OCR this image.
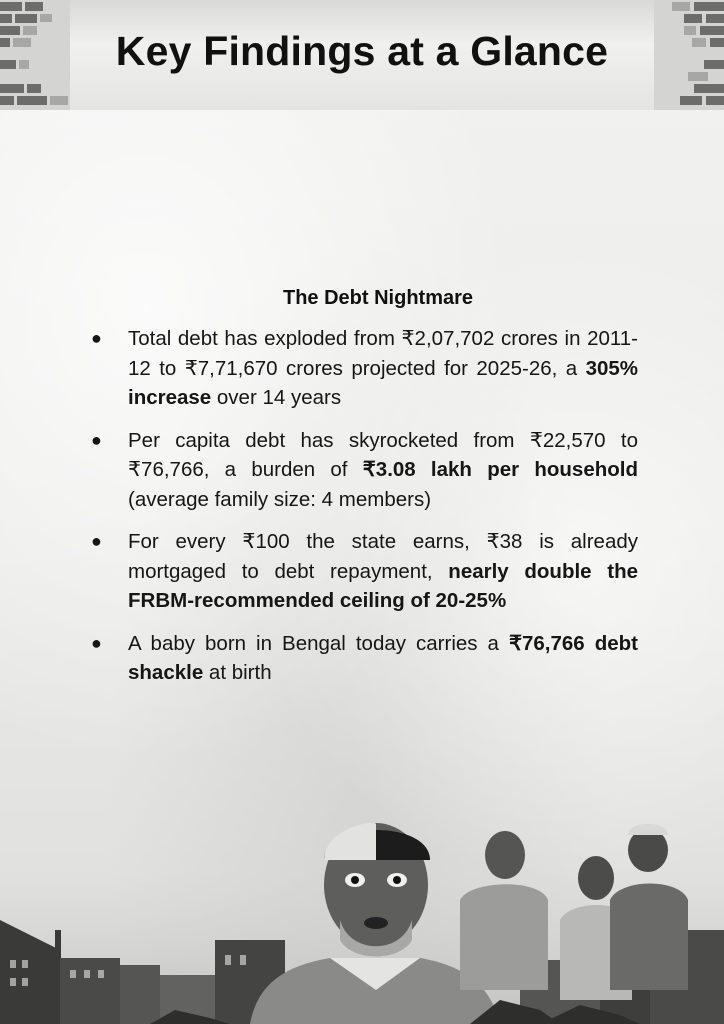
Key Findings at a Glance
The Debt Nightmare
● Total debt has exploded from ₹2,07,702 crores in 2011-12 to ₹7,71,670 crores projected for 2025-26, a 305% increase over 14 years
● Per capita debt has skyrocketed from ₹22,570 to ₹76,766, a burden of ₹3.08 lakh per household (average family size: 4 members)
● For every ₹100 the state earns, ₹38 is already mortgaged to debt repayment, nearly double the FRBM-recommended ceiling of 20-25%
● A baby born in Bengal today carries a ₹76,766 debt shackle at birth
